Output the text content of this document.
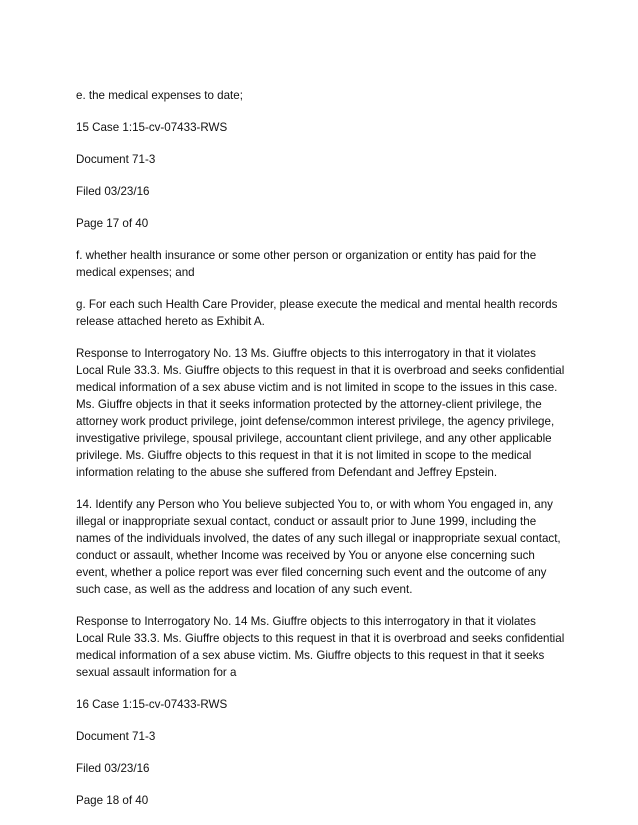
e. the medical expenses to date;

15 Case 1:15-cv-07433-RWS

Document 71-3

Filed 03/23/16

Page 17 of 40

f. whether health insurance or some other person or organization or entity has paid for the medical expenses; and

g. For each such Health Care Provider, please execute the medical and mental health records release attached hereto as Exhibit A.

Response to Interrogatory No. 13 Ms. Giuffre objects to this interrogatory in that it violates Local Rule 33.3. Ms. Giuffre objects to this request in that it is overbroad and seeks confidential medical information of a sex abuse victim and is not limited in scope to the issues in this case. Ms. Giuffre objects in that it seeks information protected by the attorney-client privilege, the attorney work product privilege, joint defense/common interest privilege, the agency privilege, investigative privilege, spousal privilege, accountant client privilege, and any other applicable privilege. Ms. Giuffre objects to this request in that it is not limited in scope to the medical information relating to the abuse she suffered from Defendant and Jeffrey Epstein.

14. Identify any Person who You believe subjected You to, or with whom You engaged in, any illegal or inappropriate sexual contact, conduct or assault prior to June 1999, including the names of the individuals involved, the dates of any such illegal or inappropriate sexual contact, conduct or assault, whether Income was received by You or anyone else concerning such event, whether a police report was ever filed concerning such event and the outcome of any such case, as well as the address and location of any such event.

Response to Interrogatory No. 14 Ms. Giuffre objects to this interrogatory in that it violates Local Rule 33.3. Ms. Giuffre objects to this request in that it is overbroad and seeks confidential medical information of a sex abuse victim. Ms. Giuffre objects to this request in that it seeks sexual assault information for a

16 Case 1:15-cv-07433-RWS

Document 71-3

Filed 03/23/16

Page 18 of 40
